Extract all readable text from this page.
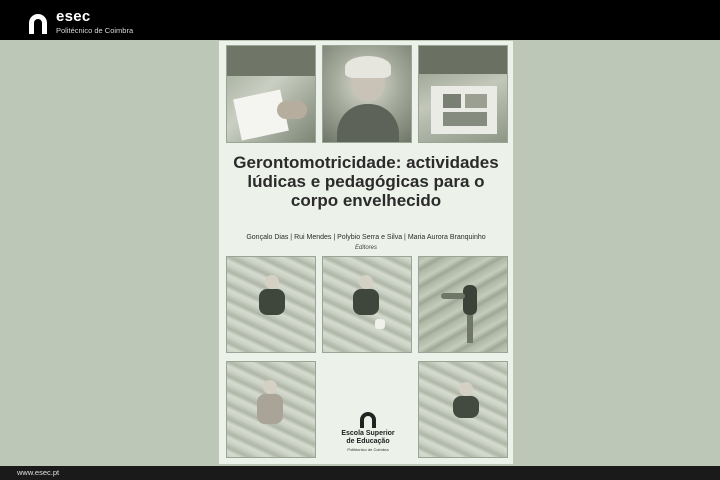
esec
Politécnico de Coimbra
Gerontomotricidade: actividades lúdicas e pedagógicas para o corpo envelhecido
Gonçalo Dias | Rui Mendes | Polybio Serra e Silva | Maria Aurora Branquinho
Editores
Escola Superior
de Educação
Politécnico de Coimbra
www.esec.pt
